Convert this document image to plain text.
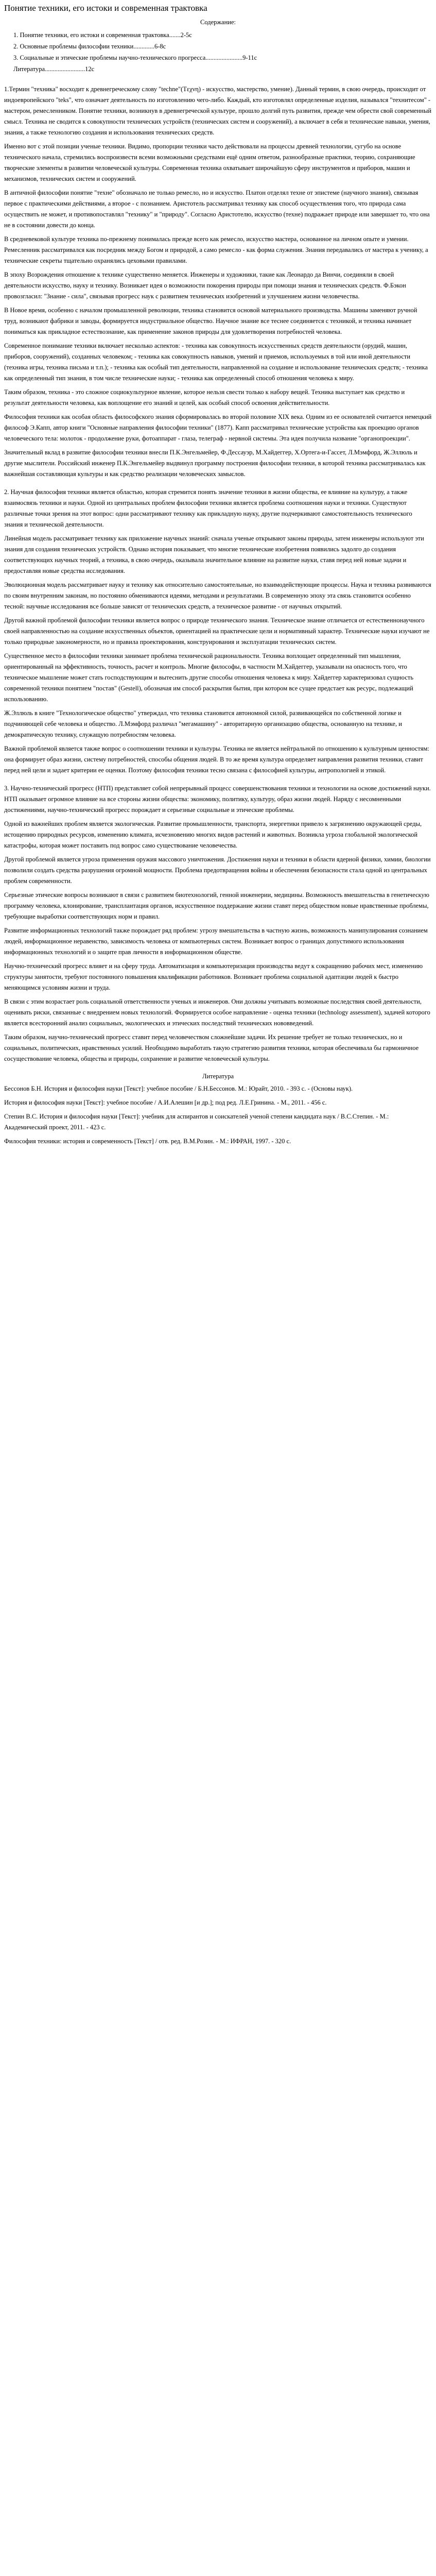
Понятие техники, его истоки и современная трактовка
Содержание:
1. Понятие техники, его истоки и современная трактовка.......2-5с
2. Основные проблемы философии техники.............6-8с
3. Социальные и этические проблемы научно-технического прогресса.......................9-11с
Литература.........................12с

1.Термин "техника" восходит к древнегреческому слову "techne"(Tεχνη) - искусство, мастерство, умение). Данный термин, в свою очередь, происходит от индоевропейского "teks", что означает деятельность по изготовлению чего-либо. Каждый, кто изготовлял определенные изделия, назывался "технитесом" - мастером, ремесленником. Понятие техники, возникнув в древнегреческой культуре, прошло долгий путь развития, прежде чем обрести свой современный смысл. Техника не сводится к совокупности технических устройств (технических систем и сооружений), а включает в себя и технические навыки, умения, знания, а также технологию создания и использования технических средств.

Именно вот с этой позиции ученые техники. Видимо, пропорции техники часто действовали на процессы древней технологии, сугубо на основе технического начала, стремились воспроизвести всеми возможными средствами ещё одним ответом, разнообразные практики, теорию, сохраняющие творческие элементы в развитии человеческой культуры. Современная техника охватывает широчайшую сферу инструментов и приборов, машин и механизмов, технических систем и сооружений.

В античной философии понятие "техне" обозначало не только ремесло, но и искусство. Платон отделял техне от эпистеме (научного знания), связывая первое с практическими действиями, а второе - с познанием. Аристотель рассматривал технику как способ осуществления того, что природа сама осуществить не может, и противопоставлял "технику" и "природу". Согласно Аристотелю, искусство (техне) подражает природе или завершает то, что она не в состоянии довести до конца.

В средневековой культуре техника по-прежнему понималась прежде всего как ремесло, искусство мастера, основанное на личном опыте и умении. Ремесленник рассматривался как посредник между Богом и природой, а само ремесло - как форма служения. Знания передавались от мастера к ученику, а технические секреты тщательно охранялись цеховыми правилами.

В эпоху Возрождения отношение к технике существенно меняется. Инженеры и художники, такие как Леонардо да Винчи, соединяли в своей деятельности искусство, науку и технику. Возникает идея о возможности покорения природы при помощи знания и технических средств. Ф.Бэкон провозгласил: "Знание - сила", связывая прогресс наук с развитием технических изобретений и улучшением жизни человечества.

В Новое время, особенно с началом промышленной революции, техника становится основой материального производства. Машины заменяют ручной труд, возникают фабрики и заводы, формируется индустриальное общество. Научное знание все теснее соединяется с техникой, и техника начинает пониматься как прикладное естествознание, как применение законов природы для удовлетворения потребностей человека.

Современное понимание техники включает несколько аспектов: - техника как совокупность искусственных средств деятельности (орудий, машин, приборов, сооружений), созданных человеком; - техника как совокупность навыков, умений и приемов, используемых в той или иной деятельности (техника игры, техника письма и т.п.); - техника как особый тип деятельности, направленной на создание и использование технических средств; - техника как определенный тип знания, в том числе технические науки; - техника как определенный способ отношения человека к миру.

Таким образом, техника - это сложное социокультурное явление, которое нельзя свести только к набору вещей. Техника выступает как средство и результат деятельности человека, как воплощение его знаний и целей, как особый способ освоения действительности.

Философия техники как особая область философского знания сформировалась во второй половине XIX века. Одним из ее основателей считается немецкий философ Э.Капп, автор книги "Основные направления философии техники" (1877). Капп рассматривал технические устройства как проекцию органов человеческого тела: молоток - продолжение руки, фотоаппарат - глаза, телеграф - нервной системы. Эта идея получила название "органопроекции".

Значительный вклад в развитие философии техники внесли П.К.Энгельмейер, Ф.Дессауэр, М.Хайдеггер, Х.Ортега-и-Гассет, Л.Мэмфорд, Ж.Эллюль и другие мыслители. Российский инженер П.К.Энгельмейер выдвинул программу построения философии техники, в которой техника рассматривалась как важнейшая составляющая культуры и как средство реализации человеческих замыслов.

2. Научная философия техники является областью, которая стремится понять значение техники в жизни общества, ее влияние на культуру, а также взаимосвязь техники и науки. Одной из центральных проблем философии техники является проблема соотношения науки и техники. Существуют различные точки зрения на этот вопрос: одни рассматривают технику как прикладную науку, другие подчеркивают самостоятельность технического знания и технической деятельности.

Линейная модель рассматривает технику как приложение научных знаний: сначала ученые открывают законы природы, затем инженеры используют эти знания для создания технических устройств. Однако история показывает, что многие технические изобретения появились задолго до создания соответствующих научных теорий, а техника, в свою очередь, оказывала значительное влияние на развитие науки, ставя перед ней новые задачи и предоставляя новые средства исследования.

Эволюционная модель рассматривает науку и технику как относительно самостоятельные, но взаимодействующие процессы. Наука и техника развиваются по своим внутренним законам, но постоянно обмениваются идеями, методами и результатами. В современную эпоху эта связь становится особенно тесной: научные исследования все больше зависят от технических средств, а техническое развитие - от научных открытий.

Другой важной проблемой философии техники является вопрос о природе технического знания. Техническое знание отличается от естественнонаучного своей направленностью на создание искусственных объектов, ориентацией на практические цели и нормативный характер. Технические науки изучают не только природные закономерности, но и правила проектирования, конструирования и эксплуатации технических систем.

Существенное место в философии техники занимает проблема технической рациональности. Техника воплощает определенный тип мышления, ориентированный на эффективность, точность, расчет и контроль. Многие философы, в частности М.Хайдеггер, указывали на опасность того, что техническое мышление может стать господствующим и вытеснить другие способы отношения человека к миру. Хайдеггер характеризовал сущность современной техники понятием "постав" (Gestell), обозначая им способ раскрытия бытия, при котором все сущее предстает как ресурс, подлежащий использованию.

Ж.Эллюль в книге "Технологическое общество" утверждал, что техника становится автономной силой, развивающейся по собственной логике и подчиняющей себе человека и общество. Л.Мэмфорд различал "мегамашину" - авторитарную организацию общества, основанную на технике, и демократическую технику, служащую потребностям человека.

Важной проблемой является также вопрос о соотношении техники и культуры. Техника не является нейтральной по отношению к культурным ценностям: она формирует образ жизни, систему потребностей, способы общения людей. В то же время культура определяет направления развития техники, ставит перед ней цели и задает критерии ее оценки. Поэтому философия техники тесно связана с философией культуры, антропологией и этикой.

3. Научно-технический прогресс (НТП) представляет собой непрерывный процесс совершенствования техники и технологии на основе достижений науки. НТП оказывает огромное влияние на все стороны жизни общества: экономику, политику, культуру, образ жизни людей. Наряду с несомненными достижениями, научно-технический прогресс порождает и серьезные социальные и этические проблемы.

Одной из важнейших проблем является экологическая. Развитие промышленности, транспорта, энергетики привело к загрязнению окружающей среды, истощению природных ресурсов, изменению климата, исчезновению многих видов растений и животных. Возникла угроза глобальной экологической катастрофы, которая может поставить под вопрос само существование человечества.

Другой проблемой является угроза применения оружия массового уничтожения. Достижения науки и техники в области ядерной физики, химии, биологии позволили создать средства разрушения огромной мощности. Проблема предотвращения войны и обеспечения безопасности стала одной из центральных проблем современности.

Серьезные этические вопросы возникают в связи с развитием биотехнологий, генной инженерии, медицины. Возможность вмешательства в генетическую программу человека, клонирование, трансплантация органов, искусственное поддержание жизни ставят перед обществом новые нравственные проблемы, требующие выработки соответствующих норм и правил.

Развитие информационных технологий также порождает ряд проблем: угрозу вмешательства в частную жизнь, возможность манипулирования сознанием людей, информационное неравенство, зависимость человека от компьютерных систем. Возникает вопрос о границах допустимого использования информационных технологий и о защите прав личности в информационном обществе.

Научно-технический прогресс влияет и на сферу труда. Автоматизация и компьютеризация производства ведут к сокращению рабочих мест, изменению структуры занятости, требуют постоянного повышения квалификации работников. Возникает проблема социальной адаптации людей к быстро меняющимся условиям жизни и труда.

В связи с этим возрастает роль социальной ответственности ученых и инженеров. Они должны учитывать возможные последствия своей деятельности, оценивать риски, связанные с внедрением новых технологий. Формируется особое направление - оценка техники (technology assessment), задачей которого является всесторонний анализ социальных, экологических и этических последствий технических нововведений.

Таким образом, научно-технический прогресс ставит перед человечеством сложнейшие задачи. Их решение требует не только технических, но и социальных, политических, нравственных усилий. Необходимо выработать такую стратегию развития техники, которая обеспечивала бы гармоничное сосуществование человека, общества и природы, сохранение и развитие человеческой культуры.

Литература

Бессонов Б.Н. История и философия науки [Текст]: учебное пособие / Б.Н.Бессонов. М.: Юрайт, 2010. - 393 с. - (Основы наук).

История и философия науки [Текст]: учебное пособие / А.И.Алешин [и др.]; под ред. Л.Е.Гринина. - М., 2011. - 456 с.

Степин В.С. История и философия науки [Текст]: учебник для аспирантов и соискателей ученой степени кандидата наук / В.С.Степин. - М.: Академический проект, 2011. - 423 с.

Философия техники: история и современность [Текст] / отв. ред. В.М.Розин. - М.: ИФРАН, 1997. - 320 с.
